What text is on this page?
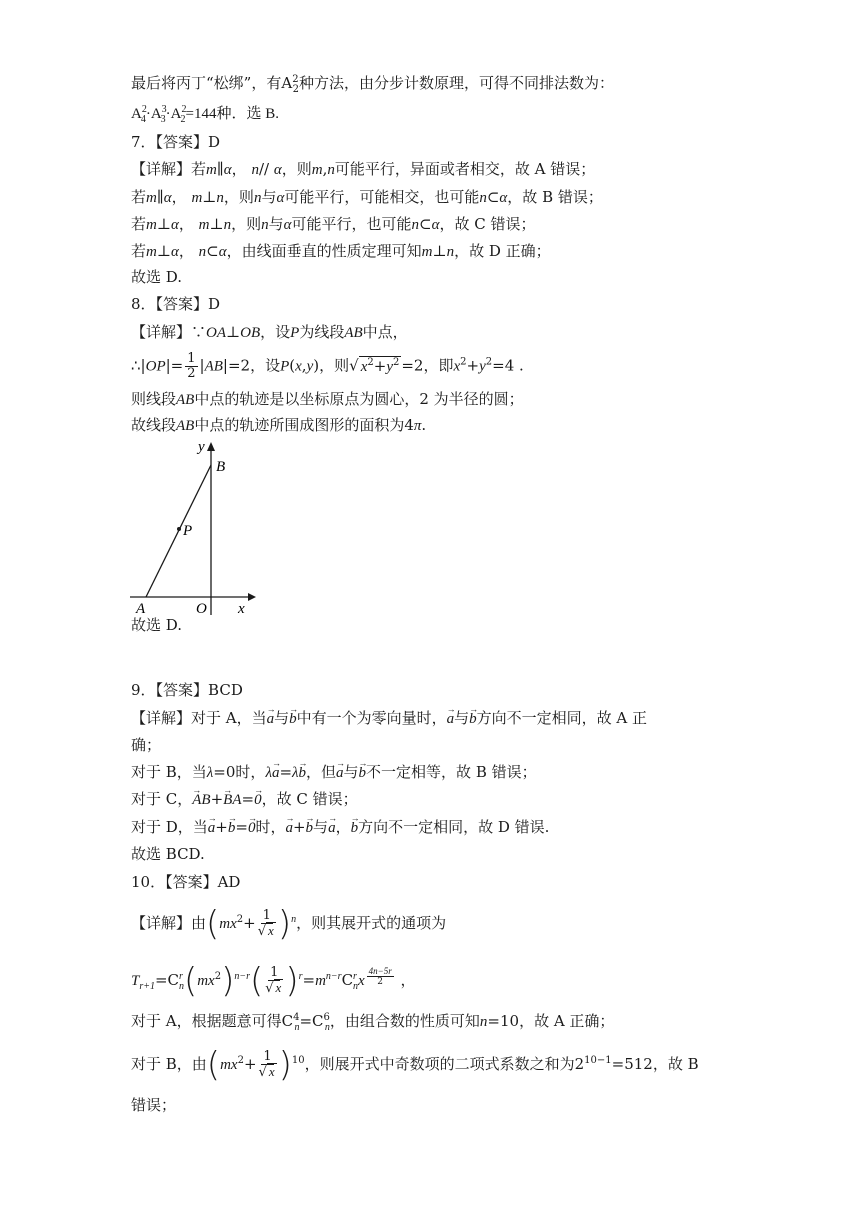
最后将丙丁“松绑”，有$A^2_2$种方法，由分步计数原理，可得不同排法数为：
$A^2_4\cdot A^3_3\cdot A^2_2=144$种．选 B.
7．【答案】D
【详解】若m∥α， n// α，则m,n可能平行，异面或者相交，故 A 错误；
若m∥α， m⊥n，则n与α可能平行，可能相交，也可能n⊂α，故 B 错误；
若m⊥α， m⊥n，则n与α可能平行，也可能n⊂α，故 C 错误；
若m⊥α， n⊂α，由线面垂直的性质定理可知m⊥n，故 D 正确；
故选 D.
8．【答案】D
【详解】∵OA⊥OB，设P为线段AB中点，
∴|OP|= $\frac{1}{2} |AB|=2$，设P(x,y)，则√ $x^2+y^2 =2$，即$x^2+y^2=4$ .
则线段AB中点的轨迹是以坐标原点为圆心，2 为半径的圆；
故线段AB中点的轨迹所围成图形的面积为4π.
y
B
P
A	O x
故选 D.
9．【答案】BCD
【详解】对于 A，当→ a与→ b中有一个为零向量时，→ a与→ b方向不一定相同，故 A 正
确；
对于 B，当λ=0时，λ→ a=λ→ b，但→ a与→ b不一定相等，故 B 错误；
对于 C，→ AB+→ BA=→ 0，故 C 错误；
对于 D，当→ a+→ b=→ 0时，→ a+→ b与→ a，→ b方向不一定相同，故 D 错误.
故选 BCD.
10．【答案】AD
【详解】由$(mx^2+ \frac{1}{√ x} )^n$，则其展开式的通项为
$T_{r+1}=C^r_n(mx^2)^{n-r}( \frac{1}{√ x} )^r=m^{n-r}C^r_nx$ $^{\frac{4n-5r}{2}}$ ，
对于 A，根据题意可得$C^4_n=C^6_n$，由组合数的性质可知n=10，故 A 正确；
对于 B，由$(mx^2+ \frac{1}{√ x} )^{10}$，则展开式中奇数项的二项式系数之和为$2^{10-1}=512$，故 B
错误；
